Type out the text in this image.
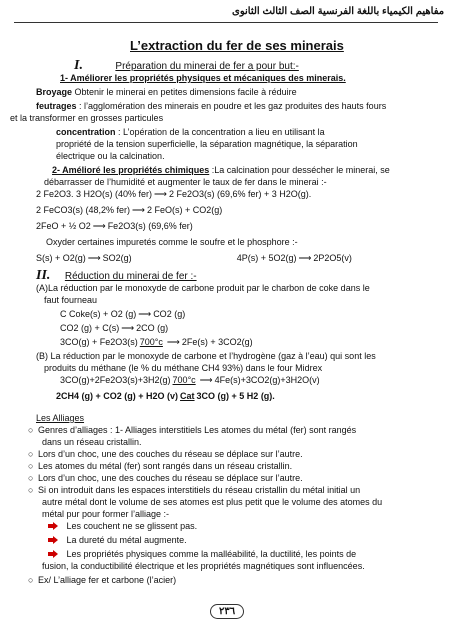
مفاهيم الكيمياء باللغة الفرنسية الصف الثالث الثانوى
L’extraction du fer de ses minerais
I.	Préparation du minerai de fer a pour but:-
1- Améliorer les propriétés physiques et mécaniques des minerais.
Broyage Obtenir le minerai en petites dimensions facile à réduire
feutrages : l’agglomération des minerais en poudre et les gaz produites des hauts fours
et la transformer en grosses particules
concentration : L’opération de la concentration a lieu en utilisant la
propriété de la tension superficielle, la séparation magnétique, la séparation
électrique ou la calcination.
2- Amélioré les propriétés chimiques :La calcination pour dessécher le minerai, se
débarrasser de l’humidité et augmenter le taux de fer dans le minerai :-
2 Fe2O3. 3 H2O(s) (40% fer) ⟶ 2 Fe2O3(s) (69,6% fer) + 3 H2O(g).
2 FeCO3(s) (48,2% fer) ⟶ 2 FeO(s) + CO2(g)
2FeO + ½ O2 ⟶ Fe2O3(s) (69,6% fer)
Oxyder certaines impuretés comme le soufre et le phosphore :-
S(s) + O2(g) ⟶ SO2(g)	4P(s) + 5O2(g) ⟶ 2P2O5(v)
II. Réduction du minerai de fer :-
(A)La réduction par le monoxyde de carbone produit par le charbon de coke dans le
faut fourneau
C Coke(s) + O2 (g) ⟶ CO2 (g)
CO2 (g) + C(s) ⟶ 2CO (g)
3CO(g) + Fe2O3(s) 700°c ⟶ 2Fe(s) + 3CO2(g)
(B) La réduction par le monoxyde de carbone et l’hydrogène (gaz à l’eau) qui sont les
produits du méthane (le % du méthane CH4 93%) dans le four Midrex
3CO(g)+2Fe2O3(s)+3H2(g) 700°c ⟶ 4Fe(s)+3CO2(g)+3H2O(v)
2CH4 (g) + CO2 (g) + H2O (v) Cat 3CO (g) + 5 H2 (g).
Les Alliages
○ Genres d’alliages : 1- Alliages interstitiels Les atomes du métal (fer) sont rangés
dans un réseau cristallin.
○ Lors d’un choc, une des couches du réseau se déplace sur l’autre.
○ Les atomes du métal (fer) sont rangés dans un réseau cristallin.
○ Lors d’un choc, une des couches du réseau se déplace sur l’autre.
○ Si on introduit dans les espaces interstitiels du réseau cristallin du métal initial un
autre métal dont le volume de ses atomes est plus petit que le volume des atomes du
métal pur pour former l’alliage :-
Les couchent ne se glissent pas.
La dureté du métal augmente.
Les propriétés physiques comme la malléabilité, la ductilité, les points de
fusion, la conductibilité électrique et les propriétés magnétiques sont influencées.
○ Ex/ L’alliage fer et carbone (l’acier)
٢٣٦
